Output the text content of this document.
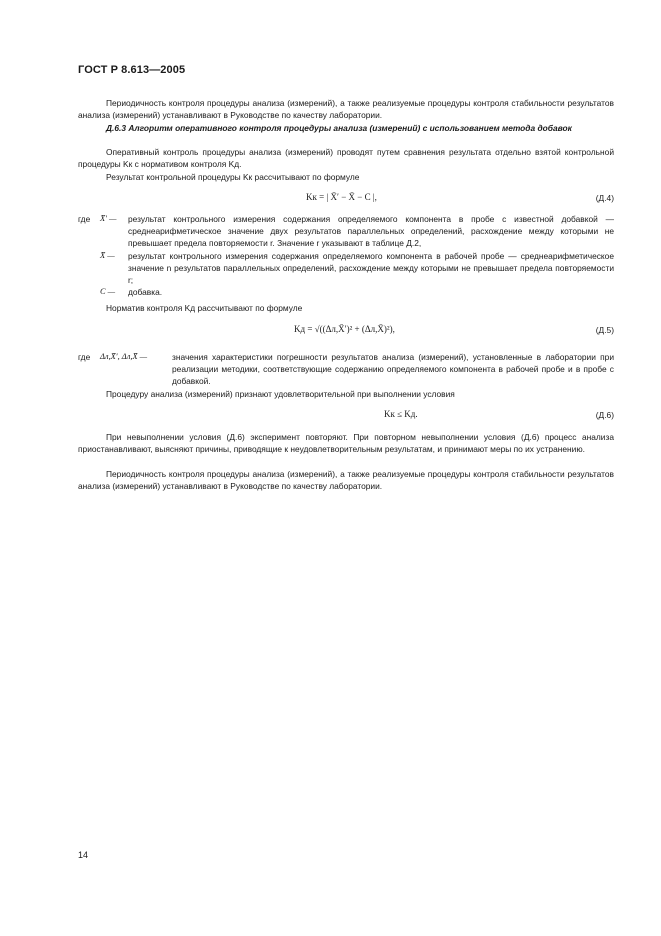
ГОСТ Р 8.613—2005
Периодичность контроля процедуры анализа (измерений), а также реализуемые процедуры контроля стабильности результатов анализа (измерений) устанавливают в Руководстве по качеству лаборатории.
Д.6.3 Алгоритм оперативного контроля процедуры анализа (измерений) с использованием метода добавок
Оперативный контроль процедуры анализа (измерений) проводят путем сравнения результата отдельно взятой контрольной процедуры Kк с нормативом контроля Kд.
Результат контрольной процедуры Kк рассчитывают по формуле
Kк = | X̄′ − X̄ − C |,	(Д.4)
где	X̄′ —	результат контрольного измерения содержания определяемого компонента в пробе с известной добавкой — среднеарифметическое значение двух результатов параллельных определений, расхождение между которыми не превышает предела повторяемости r. Значение r указывают в таблице Д.2,
X̄ —	результат контрольного измерения содержания определяемого компонента в рабочей пробе — среднеарифметическое значение n результатов параллельных определений, расхождение между которыми не превышает предела повторяемости r;
C —	добавка.
Норматив контроля Kд рассчитывают по формуле
Kд = √((Δл,X̄′)² + (Δл,X̄)²),	(Д.5)
где	Δл,X̄′, Δл,X̄ —	значения характеристики погрешности результатов анализа (измерений), установленные в лаборатории при реализации методики, соответствующие содержанию определяемого компонента в рабочей пробе и в пробе с добавкой.
Процедуру анализа (измерений) признают удовлетворительной при выполнении условия
Kк ≤ Kд.	(Д.6)
При невыполнении условия (Д.6) эксперимент повторяют. При повторном невыполнении условия (Д.6) процесс анализа приостанавливают, выясняют причины, приводящие к неудовлетворительным результатам, и принимают меры по их устранению.
Периодичность контроля процедуры анализа (измерений), а также реализуемые процедуры контроля стабильности результатов анализа (измерений) устанавливают в Руководстве по качеству лаборатории.
14
